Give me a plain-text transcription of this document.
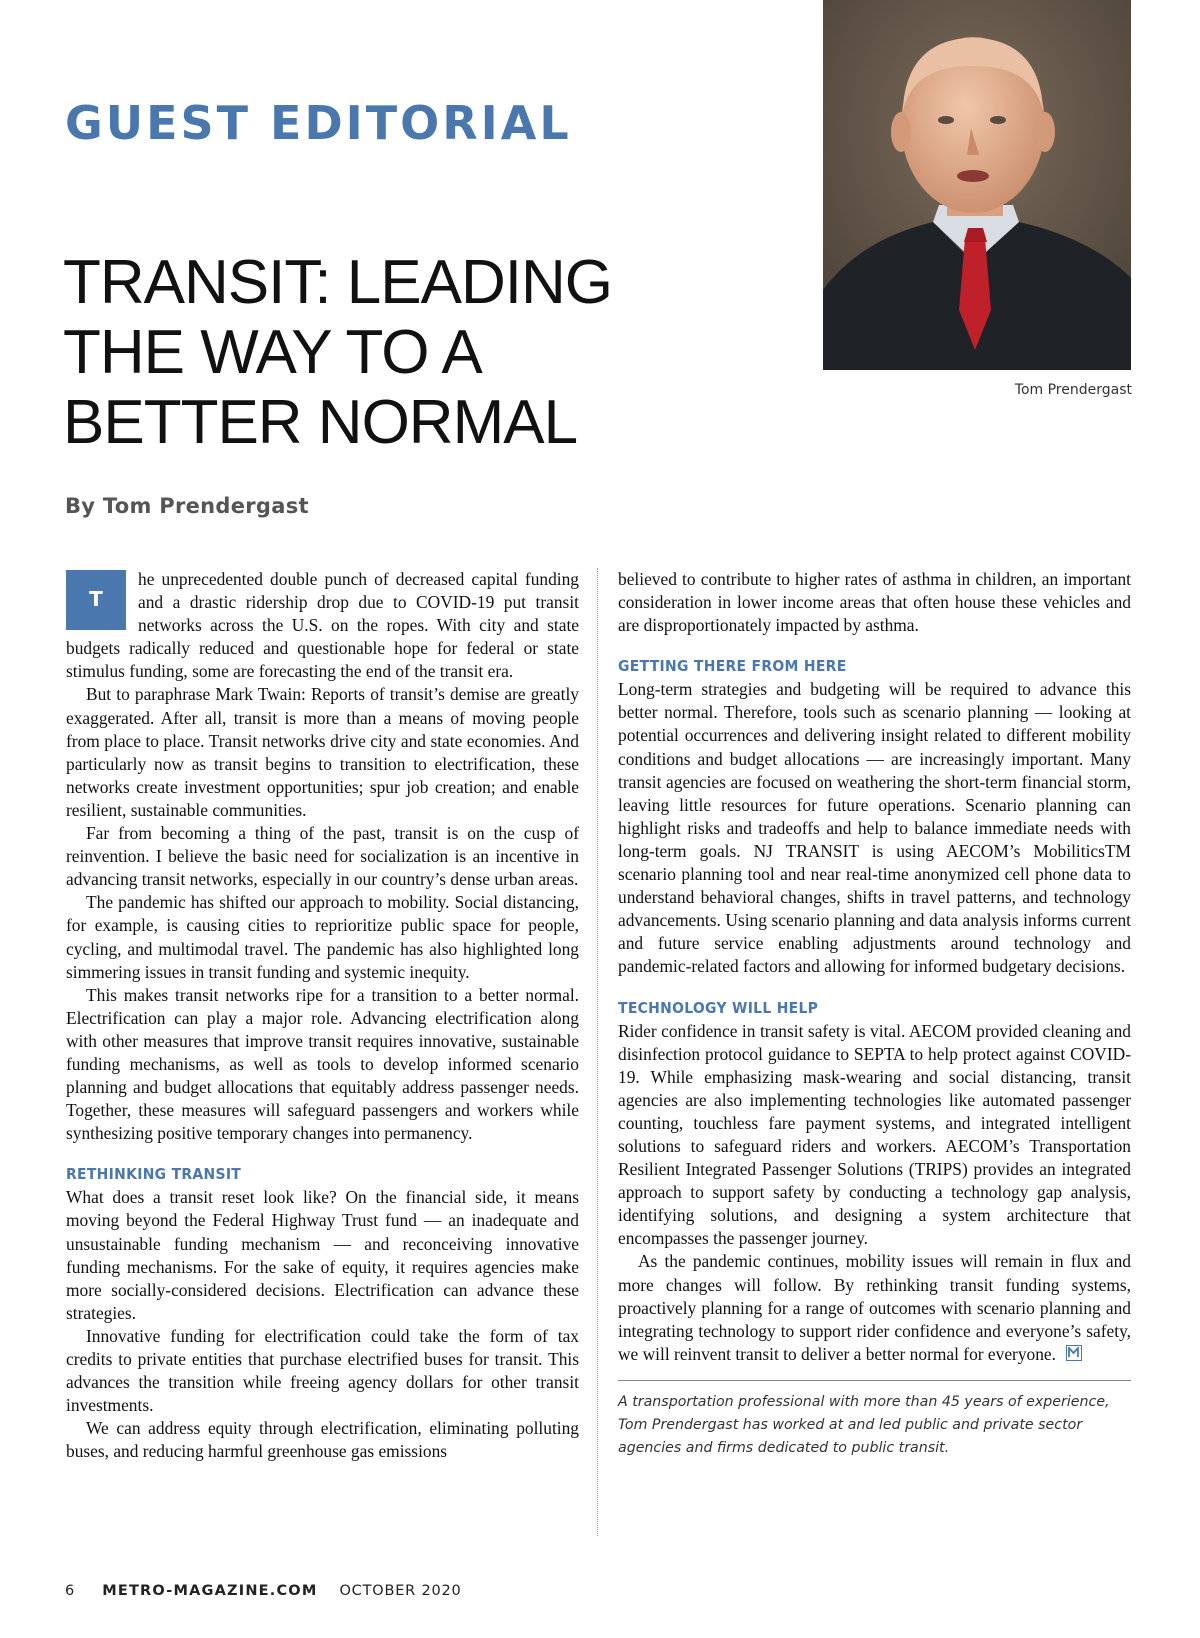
GUEST EDITORIAL
TRANSIT: LEADING
THE WAY TO A
BETTER NORMAL
By Tom Prendergast
Tom Prendergast

T
he unprecedented double punch of decreased capital funding and a drastic ridership drop due to COVID-19 put transit networks across the U.S. on the ropes. With city and state budgets radically reduced and questionable hope for federal or state stimulus funding, some are forecasting the end of the transit era.

But to paraphrase Mark Twain: Reports of transit’s demise are greatly exaggerated. After all, transit is more than a means of moving people from place to place. Transit networks drive city and state economies. And particularly now as transit begins to transition to electrification, these networks create investment opportunities; spur job creation; and enable resilient, sustainable communities.

Far from becoming a thing of the past, transit is on the cusp of reinvention. I believe the basic need for socialization is an incentive in advancing transit networks, especially in our country’s dense urban areas.

The pandemic has shifted our approach to mobility. Social distancing, for example, is causing cities to reprioritize public space for people, cycling, and multimodal travel. The pandemic has also highlighted long simmering issues in transit funding and systemic inequity.

This makes transit networks ripe for a transition to a better normal. Electrification can play a major role. Advancing electrification along with other measures that improve transit requires innovative, sustainable funding mechanisms, as well as tools to develop informed scenario planning and budget allocations that equitably address passenger needs. Together, these measures will safeguard passengers and workers while synthesizing positive temporary changes into permanency.

RETHINKING TRANSIT

What does a transit reset look like? On the financial side, it means moving beyond the Federal Highway Trust fund — an inadequate and unsustainable funding mechanism — and reconceiving innovative funding mechanisms. For the sake of equity, it requires agencies make more socially-considered decisions. Electrification can advance these strategies.

Innovative funding for electrification could take the form of tax credits to private entities that purchase electrified buses for transit. This advances the transition while freeing agency dollars for other transit investments.

We can address equity through electrification, eliminating polluting buses, and reducing harmful greenhouse gas emissions

believed to contribute to higher rates of asthma in children, an important consideration in lower income areas that often house these vehicles and are disproportionately impacted by asthma.

GETTING THERE FROM HERE

Long-term strategies and budgeting will be required to advance this better normal. Therefore, tools such as scenario planning — looking at potential occurrences and delivering insight related to different mobility conditions and budget allocations — are increasingly important. Many transit agencies are focused on weathering the short-term financial storm, leaving little resources for future operations. Scenario planning can highlight risks and tradeoffs and help to balance immediate needs with long-term goals. NJ TRANSIT is using AECOM’s MobiliticsTM scenario planning tool and near real-time anonymized cell phone data to understand behavioral changes, shifts in travel patterns, and technology advancements. Using scenario planning and data analysis informs current and future service enabling adjustments around technology and pandemic-related factors and allowing for informed budgetary decisions.

TECHNOLOGY WILL HELP

Rider confidence in transit safety is vital. AECOM provided cleaning and disinfection protocol guidance to SEPTA to help protect against COVID-19. While emphasizing mask-wearing and social distancing, transit agencies are also implementing technologies like automated passenger counting, touchless fare payment systems, and integrated intelligent solutions to safeguard riders and workers. AECOM’s Transportation Resilient Integrated Passenger Solutions (TRIPS) provides an integrated approach to support safety by conducting a technology gap analysis, identifying solutions, and designing a system architecture that encompasses the passenger journey.

As the pandemic continues, mobility issues will remain in flux and more changes will follow. By rethinking transit funding systems, proactively planning for a range of outcomes with scenario planning and integrating technology to support rider confidence and everyone’s safety, we will reinvent transit to deliver a better normal for everyone.

A transportation professional with more than 45 years of experience, Tom Prendergast has worked at and led public and private sector agencies and firms dedicated to public transit.
6 METRO-MAGAZINE.COM OCTOBER 2020
